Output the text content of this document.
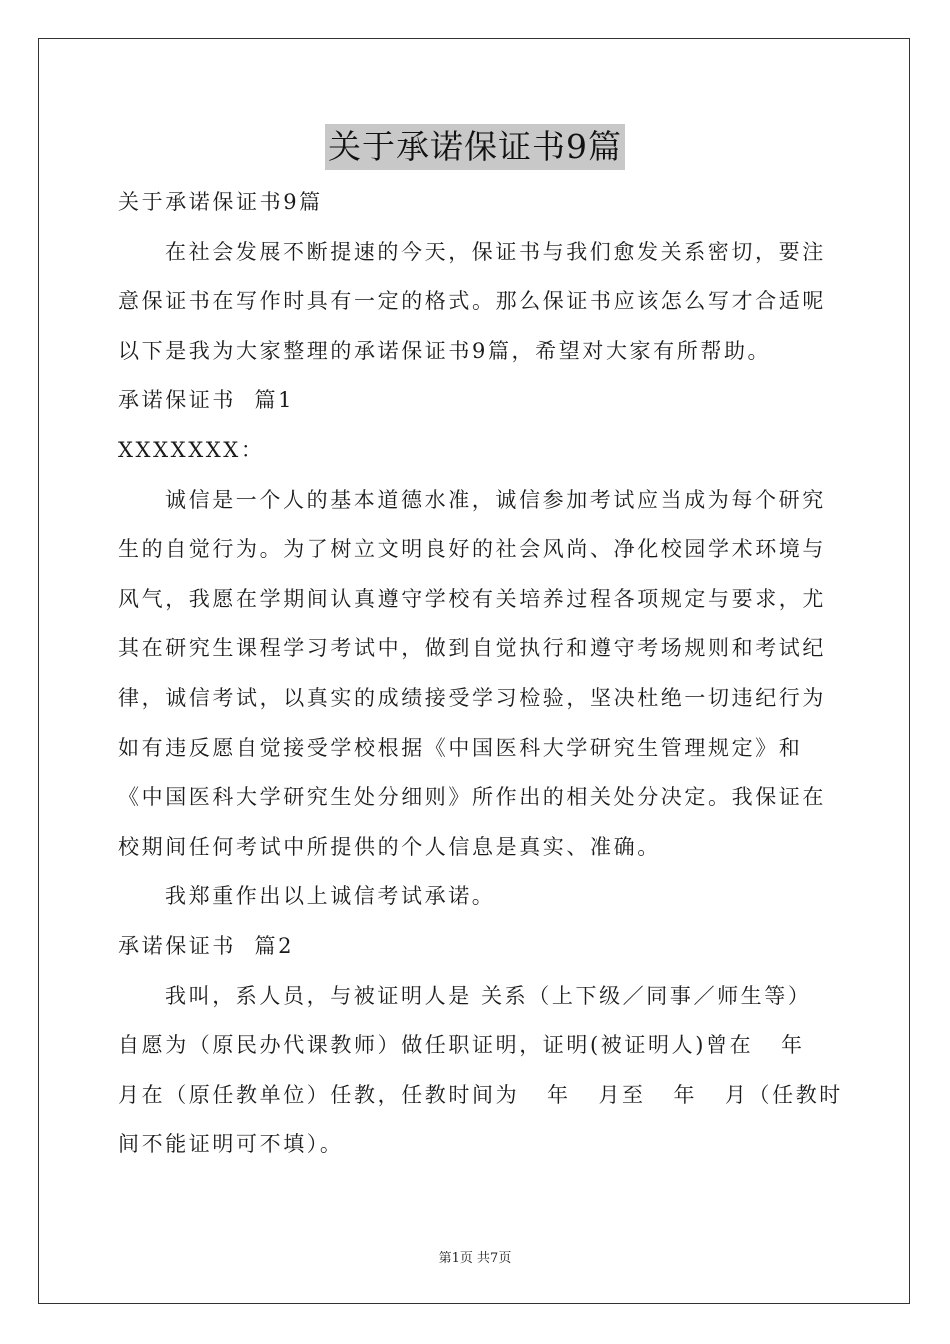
关于承诺保证书9篇
关于承诺保证书9篇
在社会发展不断提速的今天，保证书与我们愈发关系密切，要注
意保证书在写作时具有一定的格式。那么保证书应该怎么写才合适呢
以下是我为大家整理的承诺保证书9篇，希望对大家有所帮助。
承诺保证书  篇1
XXXXXXX：
诚信是一个人的基本道德水准，诚信参加考试应当成为每个研究
生的自觉行为。为了树立文明良好的社会风尚、净化校园学术环境与
风气，我愿在学期间认真遵守学校有关培养过程各项规定与要求，尤
其在研究生课程学习考试中，做到自觉执行和遵守考场规则和考试纪
律，诚信考试，以真实的成绩接受学习检验，坚决杜绝一切违纪行为
如有违反愿自觉接受学校根据《中国医科大学研究生管理规定》和
《中国医科大学研究生处分细则》所作出的相关处分决定。我保证在
校期间任何考试中所提供的个人信息是真实、准确。
我郑重作出以上诚信考试承诺。
承诺保证书  篇2
我叫，系人员，与被证明人是 关系（上下级／同事／师生等）
自愿为（原民办代课教师）做任职证明，证明(被证明人)曾在   年
月在（原任教单位）任教，任教时间为   年   月至   年   月（任教时
间不能证明可不填）。
第1页 共7页
